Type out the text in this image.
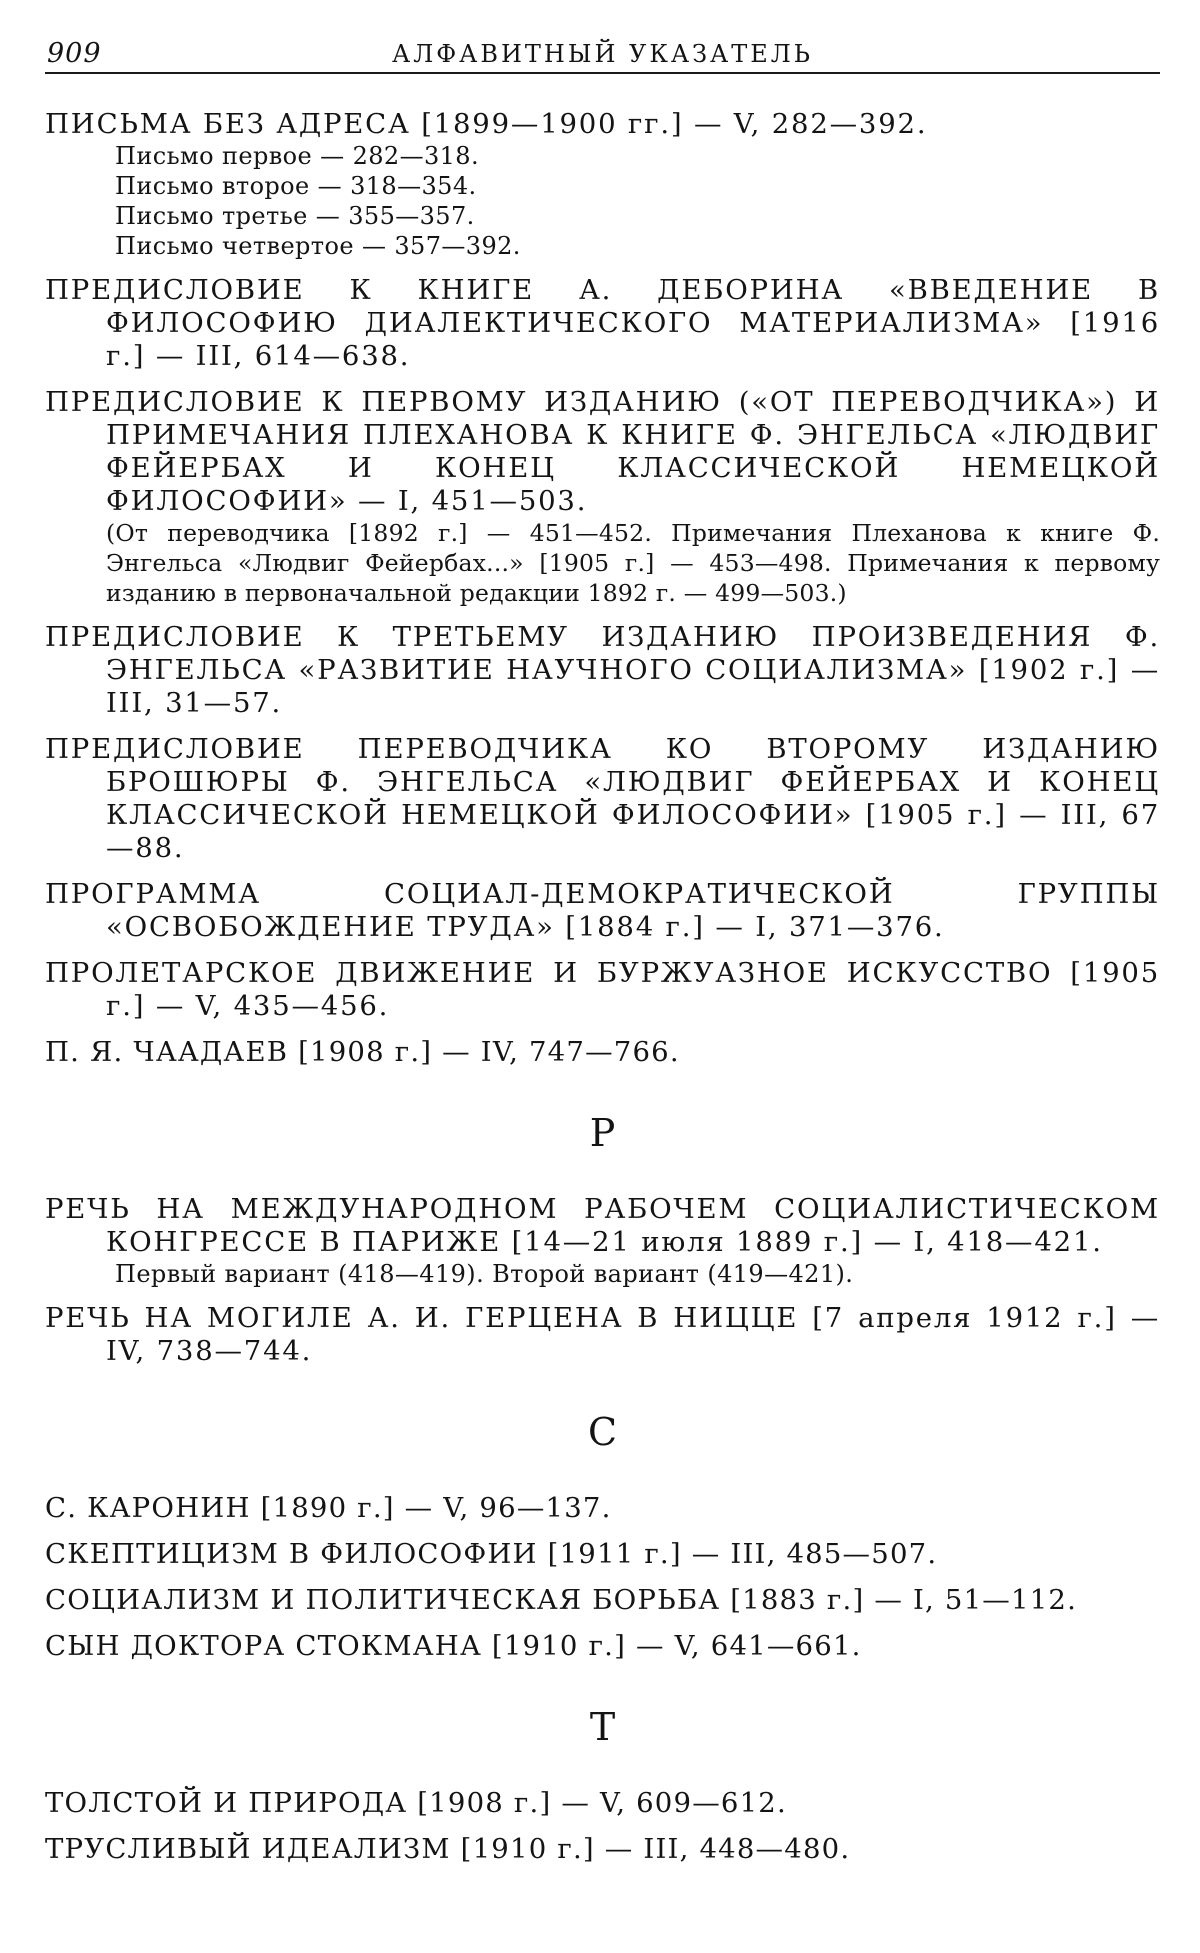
909	АЛФАВИТНЫЙ УКАЗАТЕЛЬ
ПИСЬМА БЕЗ АДРЕСА [1899—1900 гг.] — V, 282—392.
Письмо первое — 282—318.
Письмо второе — 318—354.
Письмо третье — 355—357.
Письмо четвертое — 357—392.
ПРЕДИСЛОВИЕ К КНИГЕ А. ДЕБОРИНА «ВВЕДЕНИЕ В ФИЛОСОФИЮ ДИАЛЕКТИЧЕСКОГО МАТЕРИАЛИЗМА» [1916 г.] — III, 614—638.
ПРЕДИСЛОВИЕ К ПЕРВОМУ ИЗДАНИЮ («ОТ ПЕРЕВОДЧИКА») И ПРИМЕЧАНИЯ ПЛЕХАНОВА К КНИГЕ Ф. ЭНГЕЛЬСА «ЛЮДВИГ ФЕЙЕРБАХ И КОНЕЦ КЛАССИЧЕСКОЙ НЕМЕЦКОЙ ФИЛОСОФИИ» — I, 451—503.
(От переводчика [1892 г.] — 451—452. Примечания Плеханова к книге Ф. Энгельса «Людвиг Фейербах...» [1905 г.] — 453—498. Примечания к первому изданию в первоначальной редакции 1892 г. — 499—503.)
ПРЕДИСЛОВИЕ К ТРЕТЬЕМУ ИЗДАНИЮ ПРОИЗВЕДЕНИЯ Ф. ЭНГЕЛЬСА «РАЗВИТИЕ НАУЧНОГО СОЦИАЛИЗМА» [1902 г.] — III, 31—57.
ПРЕДИСЛОВИЕ ПЕРЕВОДЧИКА КО ВТОРОМУ ИЗДАНИЮ БРОШЮРЫ Ф. ЭНГЕЛЬСА «ЛЮДВИГ ФЕЙЕРБАХ И КОНЕЦ КЛАССИЧЕСКОЙ НЕМЕЦКОЙ ФИЛОСОФИИ» [1905 г.] — III, 67—88.
ПРОГРАММА СОЦИАЛ-ДЕМОКРАТИЧЕСКОЙ ГРУППЫ «ОСВОБОЖДЕНИЕ ТРУДА» [1884 г.] — I, 371—376.
ПРОЛЕТАРСКОЕ ДВИЖЕНИЕ И БУРЖУАЗНОЕ ИСКУССТВО [1905 г.] — V, 435—456.
П. Я. ЧААДАЕВ [1908 г.] — IV, 747—766.
Р
РЕЧЬ НА МЕЖДУНАРОДНОМ РАБОЧЕМ СОЦИАЛИСТИЧЕСКОМ КОНГРЕССЕ В ПАРИЖЕ [14—21 июля 1889 г.] — I, 418—421.
Первый вариант (418—419). Второй вариант (419—421).
РЕЧЬ НА МОГИЛЕ А. И. ГЕРЦЕНА В НИЦЦЕ [7 апреля 1912 г.] — IV, 738—744.
С
С. КАРОНИН [1890 г.] — V, 96—137.
СКЕПТИЦИЗМ В ФИЛОСОФИИ [1911 г.] — III, 485—507.
СОЦИАЛИЗМ И ПОЛИТИЧЕСКАЯ БОРЬБА [1883 г.] — I, 51—112.
СЫН ДОКТОРА СТОКМАНА [1910 г.] — V, 641—661.
Т
ТОЛСТОЙ И ПРИРОДА [1908 г.] — V, 609—612.
ТРУСЛИВЫЙ ИДЕАЛИЗМ [1910 г.] — III, 448—480.
